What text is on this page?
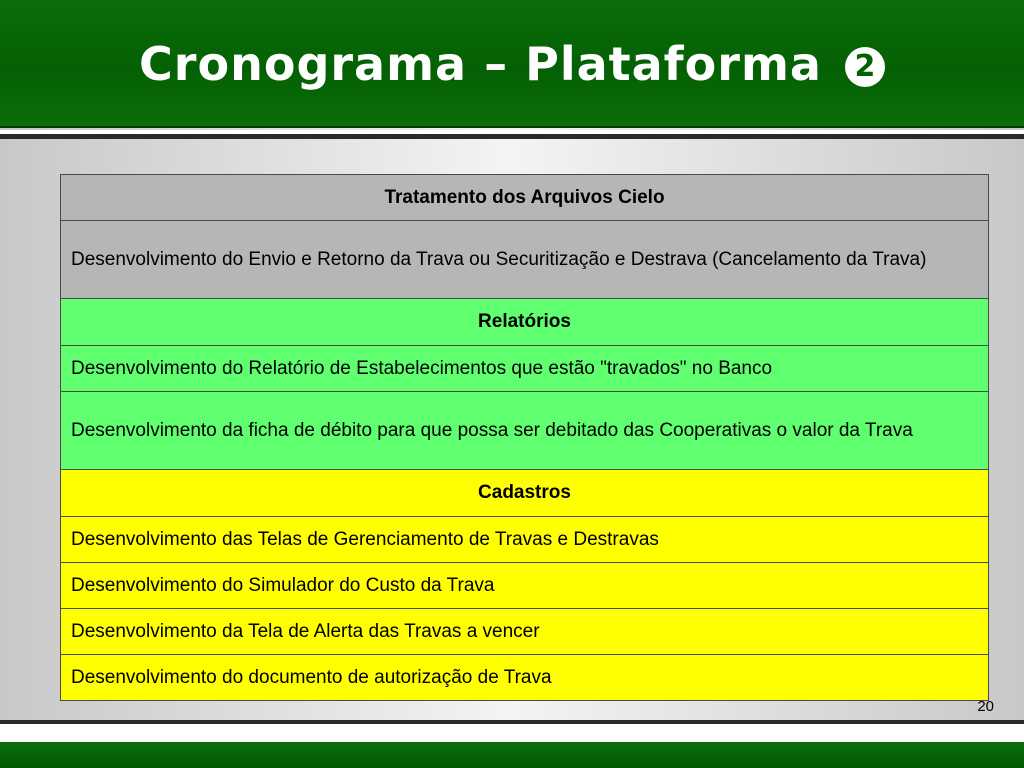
Cronograma – Plataforma 2
Tratamento dos Arquivos Cielo
Desenvolvimento do Envio e Retorno da Trava ou Securitização e Destrava (Cancelamento da Trava)
Relatórios
Desenvolvimento do Relatório de Estabelecimentos que estão "travados" no Banco
Desenvolvimento da ficha de débito para que possa ser debitado das Cooperativas o valor da Trava
Cadastros
Desenvolvimento das Telas de Gerenciamento de Travas e Destravas
Desenvolvimento do Simulador do Custo da Trava
Desenvolvimento da Tela de Alerta das Travas a vencer
Desenvolvimento do documento de autorização de Trava
20
